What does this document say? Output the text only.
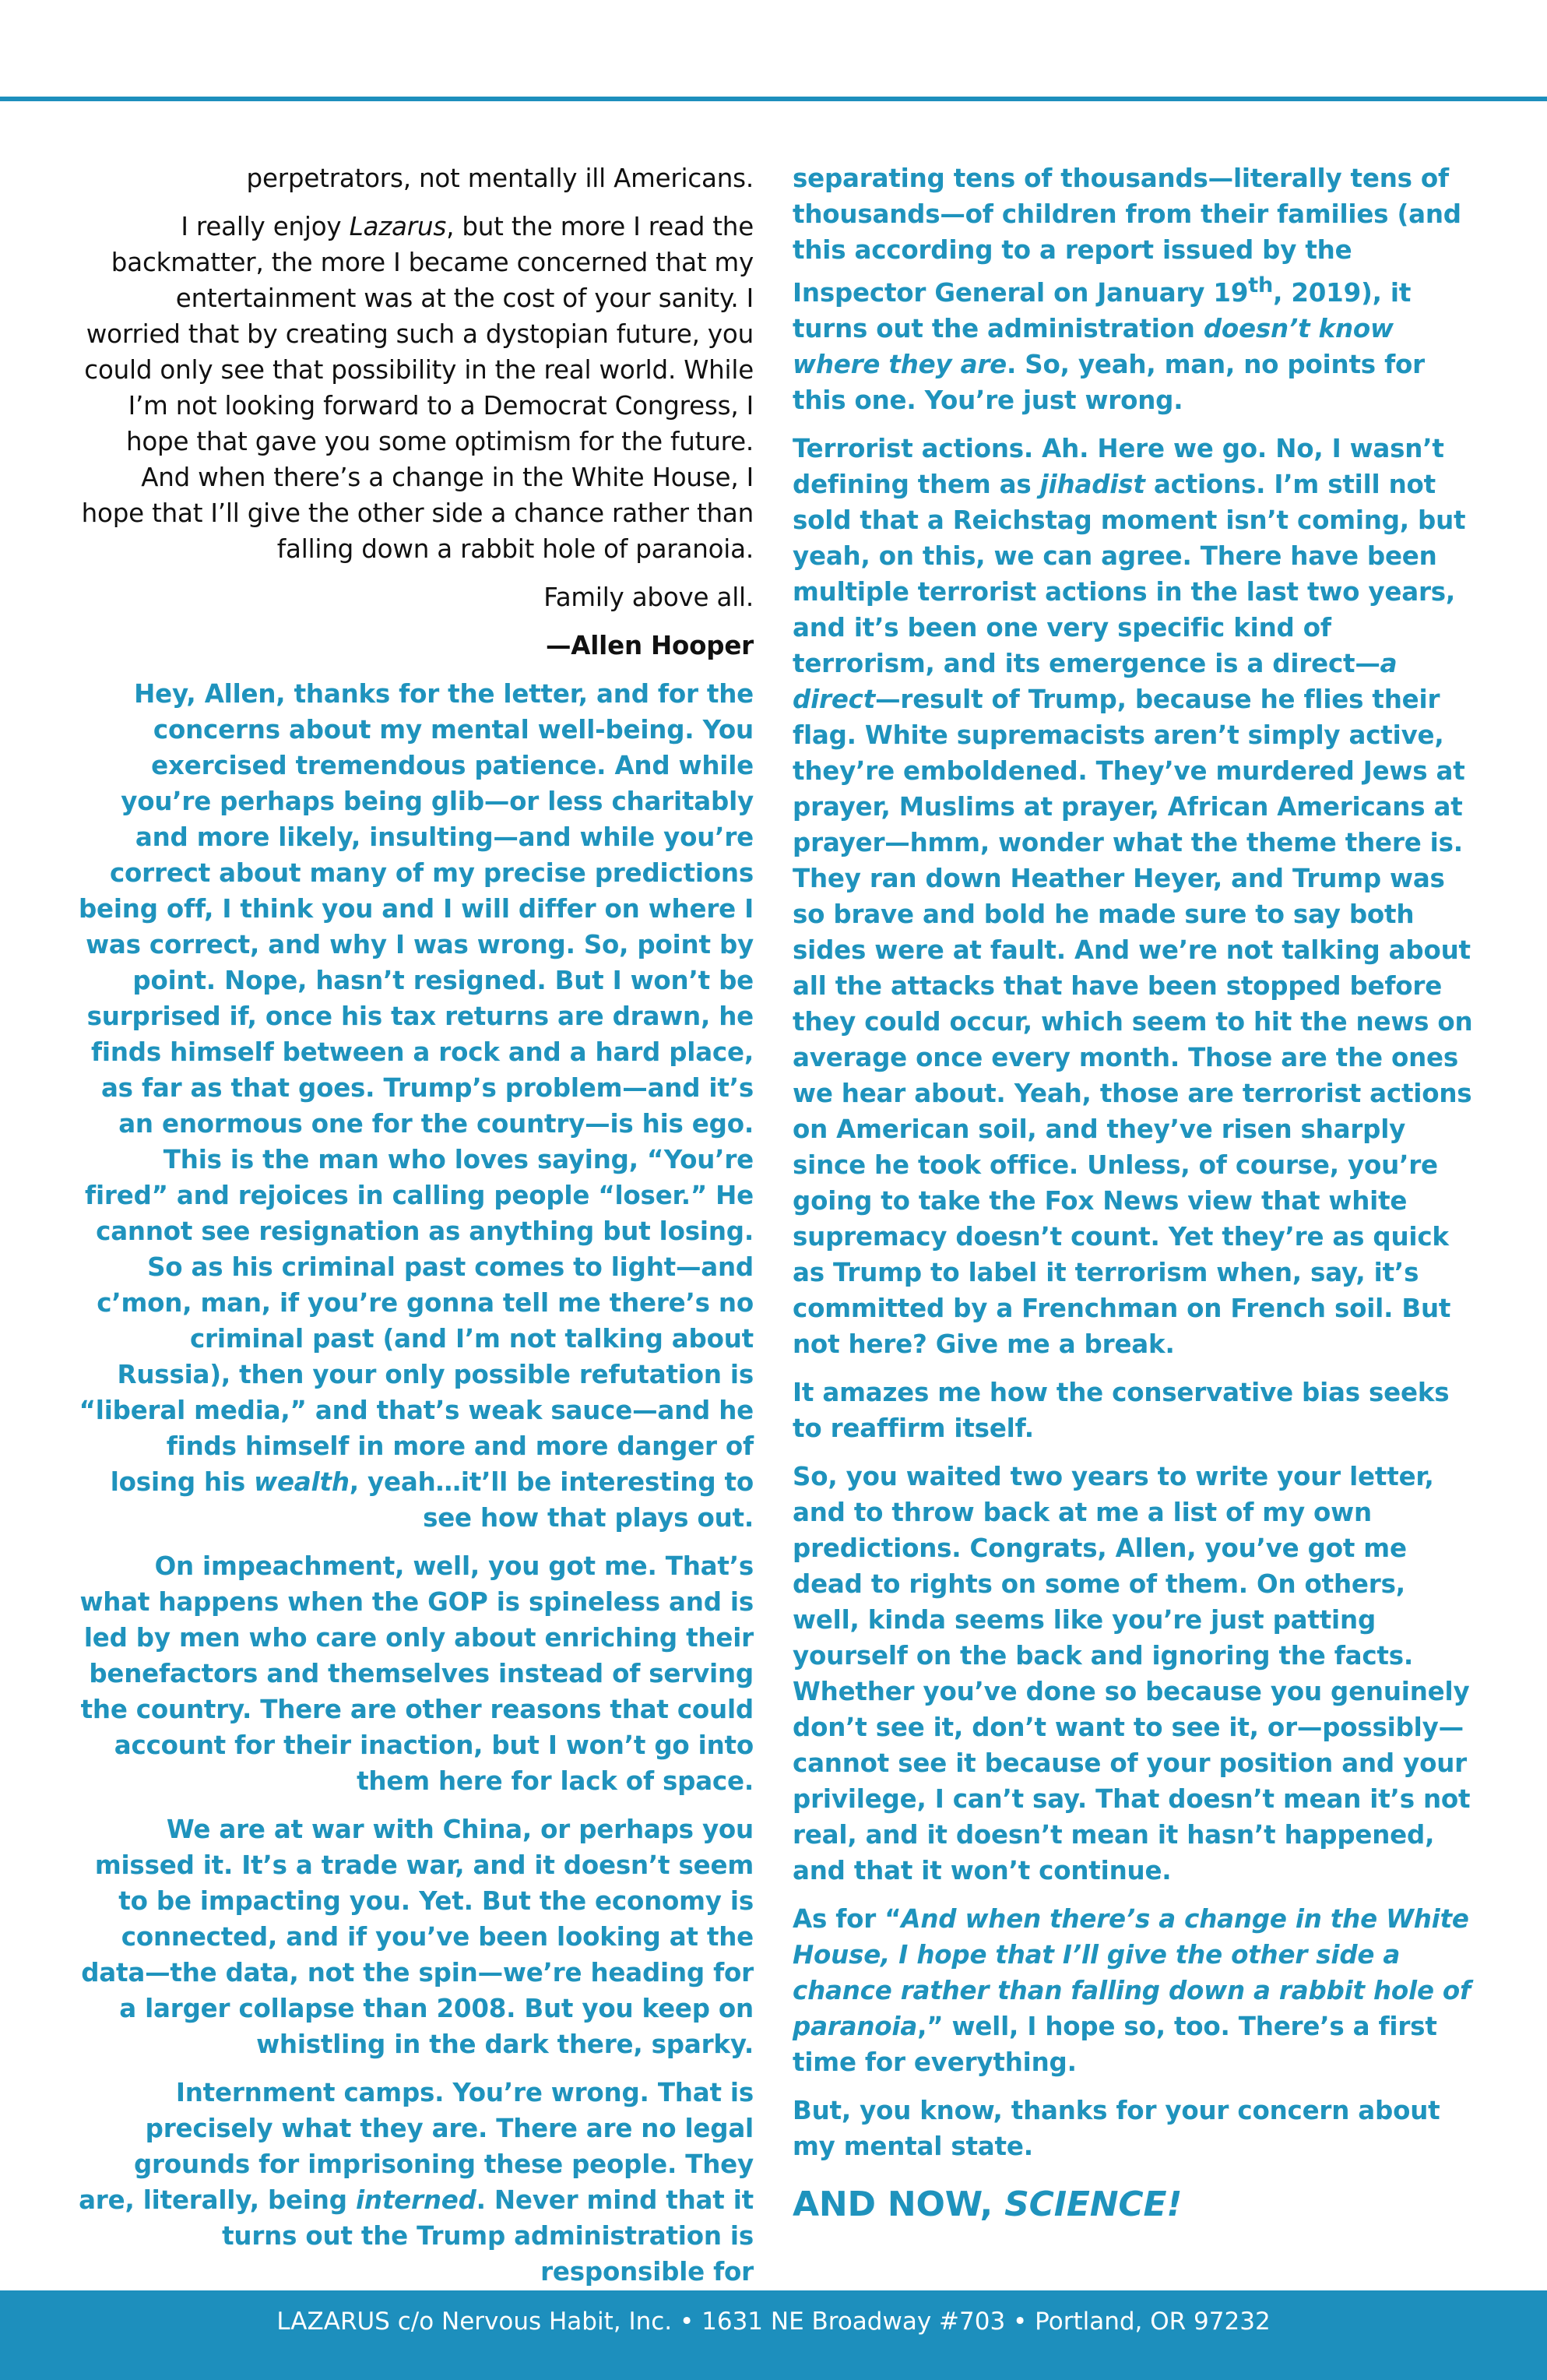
perpetrators, not mentally ill Americans.

I really enjoy Lazarus, but the more I read the backmatter, the more I became concerned that my entertainment was at the cost of your sanity. I worried that by creating such a dystopian future, you could only see that possibility in the real world. While I’m not looking forward to a Democrat Congress, I hope that gave you some optimism for the future. And when there’s a change in the White House, I hope that I’ll give the other side a chance rather than falling down a rabbit hole of paranoia.

Family above all.

—Allen Hooper

Hey, Allen, thanks for the letter, and for the concerns about my mental well-being. You exercised tremendous patience. And while you’re perhaps being glib—or less charitably and more likely, insulting—and while you’re correct about many of my precise predictions being off, I think you and I will differ on where I was correct, and why I was wrong. So, point by point. Nope, hasn’t resigned. But I won’t be surprised if, once his tax returns are drawn, he finds himself between a rock and a hard place, as far as that goes. Trump’s problem—and it’s an enormous one for the country—is his ego. This is the man who loves saying, “You’re fired” and rejoices in calling people “loser.” He cannot see resignation as anything but losing. So as his criminal past comes to light—and c’mon, man, if you’re gonna tell me there’s no criminal past (and I’m not talking about Russia), then your only possible refutation is “liberal media,” and that’s weak sauce—and he finds himself in more and more danger of losing his wealth, yeah…it’ll be interesting to see how that plays out.

On impeachment, well, you got me. That’s what happens when the GOP is spineless and is led by men who care only about enriching their benefactors and themselves instead of serving the country. There are other reasons that could account for their inaction, but I won’t go into them here for lack of space.

We are at war with China, or perhaps you missed it. It’s a trade war, and it doesn’t seem to be impacting you. Yet. But the economy is connected, and if you’ve been looking at the data—the data, not the spin—we’re heading for a larger collapse than 2008. But you keep on whistling in the dark there, sparky.

Internment camps. You’re wrong. That is precisely what they are. There are no legal grounds for imprisoning these people. They are, literally, being interned. Never mind that it turns out the Trump administration is responsible for

separating tens of thousands—literally tens of thousands—of children from their families (and this according to a report issued by the Inspector General on January 19th, 2019), it turns out the administration doesn’t know where they are. So, yeah, man, no points for this one. You’re just wrong.

Terrorist actions. Ah. Here we go. No, I wasn’t defining them as jihadist actions. I’m still not sold that a Reichstag moment isn’t coming, but yeah, on this, we can agree. There have been multiple terrorist actions in the last two years, and it’s been one very specific kind of terrorism, and its emergence is a direct—a direct—result of Trump, because he flies their flag. White supremacists aren’t simply active, they’re emboldened. They’ve murdered Jews at prayer, Muslims at prayer, African Americans at prayer—hmm, wonder what the theme there is. They ran down Heather Heyer, and Trump was so brave and bold he made sure to say both sides were at fault. And we’re not talking about all the attacks that have been stopped before they could occur, which seem to hit the news on average once every month. Those are the ones we hear about. Yeah, those are terrorist actions on American soil, and they’ve risen sharply since he took office. Unless, of course, you’re going to take the Fox News view that white supremacy doesn’t count. Yet they’re as quick as Trump to label it terrorism when, say, it’s committed by a Frenchman on French soil. But not here? Give me a break.

It amazes me how the conservative bias seeks to reaffirm itself.

So, you waited two years to write your letter, and to throw back at me a list of my own predictions. Congrats, Allen, you’ve got me dead to rights on some of them. On others, well, kinda seems like you’re just patting yourself on the back and ignoring the facts. Whether you’ve done so because you genuinely don’t see it, don’t want to see it, or—possibly—cannot see it because of your position and your privilege, I can’t say. That doesn’t mean it’s not real, and it doesn’t mean it hasn’t happened, and that it won’t continue.

As for “And when there’s a change in the White House, I hope that I’ll give the other side a chance rather than falling down a rabbit hole of paranoia,” well, I hope so, too. There’s a first time for everything.

But, you know, thanks for your concern about my mental state.

AND NOW, SCIENCE!

LAZARUS c/o Nervous Habit, Inc. • 1631 NE Broadway #703 • Portland, OR 97232
